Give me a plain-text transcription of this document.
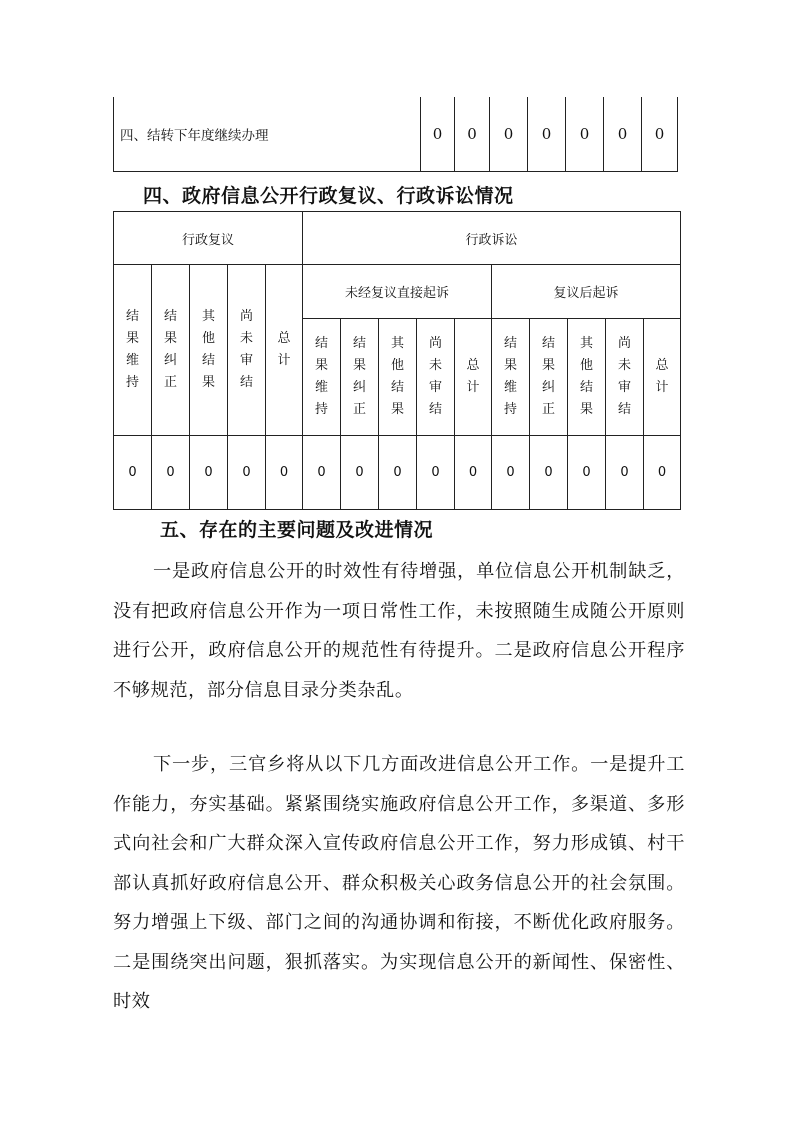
四、结转下年度继续办理	0	0	0	0	0	0	0
四、政府信息公开行政复议、行政诉讼情况
行政复议					行政诉讼									
结果维持	结果纠正	其他结果	尚未审结	总计	未经复议直接起诉					复议后起诉				
					结果维持	结果纠正	其他结果	尚未审结	总计	结果维持	结果纠正	其他结果	尚未审结	总计
0	0	0	0	0	0	0	0	0	0	0	0	0	0	0
五、存在的主要问题及改进情况
一是政府信息公开的时效性有待增强，单位信息公开机制缺乏，没有把政府信息公开作为一项日常性工作，未按照随生成随公开原则进行公开，政府信息公开的规范性有待提升。二是政府信息公开程序不够规范，部分信息目录分类杂乱。
下一步，三官乡将从以下几方面改进信息公开工作。一是提升工作能力，夯实基础。紧紧围绕实施政府信息公开工作，多渠道、多形式向社会和广大群众深入宣传政府信息公开工作，努力形成镇、村干部认真抓好政府信息公开、群众积极关心政务信息公开的社会氛围。努力增强上下级、部门之间的沟通协调和衔接，不断优化政府服务。二是围绕突出问题，狠抓落实。为实现信息公开的新闻性、保密性、时效
